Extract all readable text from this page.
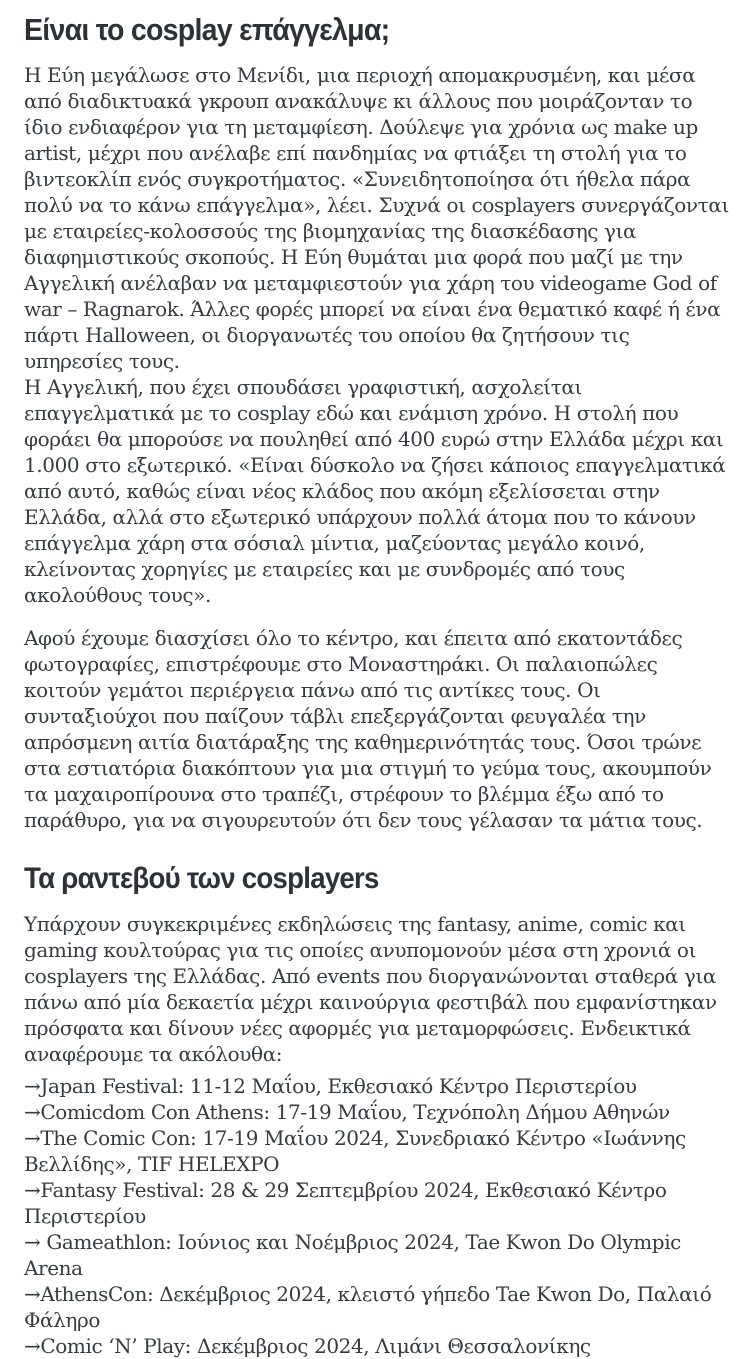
Είναι το cosplay επάγγελμα;

Η Εύη μεγάλωσε στο Μενίδι, μια περιοχή απομακρυσμένη, και μέσα από διαδικτυακά γκρουπ ανακάλυψε κι άλλους που μοιράζονταν το ίδιο ενδιαφέρον για τη μεταμφίεση. Δούλεψε για χρόνια ως make up artist, μέχρι που ανέλαβε επί πανδημίας να φτιάξει τη στολή για το βιντεοκλίπ ενός συγκροτήματος. «Συνειδητοποίησα ότι ήθελα πάρα πολύ να το κάνω επάγγελμα», λέει. Συχνά οι cosplayers συνεργάζονται με εταιρείες-κολοσσούς της βιομηχανίας της διασκέδασης για διαφημιστικούς σκοπούς. Η Εύη θυμάται μια φορά που μαζί με την Αγγελική ανέλαβαν να μεταμφιεστούν για χάρη του videogame God of war – Ragnarok. Άλλες φορές μπορεί να είναι ένα θεματικό καφέ ή ένα πάρτι Halloween, οι διοργανωτές του οποίου θα ζητήσουν τις υπηρεσίες τους.

Η Αγγελική, που έχει σπουδάσει γραφιστική, ασχολείται επαγγελματικά με το cosplay εδώ και ενάμιση χρόνο. Η στολή που φοράει θα μπορούσε να πουληθεί από 400 ευρώ στην Ελλάδα μέχρι και 1.000 στο εξωτερικό. «Είναι δύσκολο να ζήσει κάποιος επαγγελματικά από αυτό, καθώς είναι νέος κλάδος που ακόμη εξελίσσεται στην Ελλάδα, αλλά στο εξωτερικό υπάρχουν πολλά άτομα που το κάνουν επάγγελμα χάρη στα σόσιαλ μίντια, μαζεύοντας μεγάλο κοινό, κλείνοντας χορηγίες με εταιρείες και με συνδρομές από τους ακολούθους τους».

Αφού έχουμε διασχίσει όλο το κέντρο, και έπειτα από εκατοντάδες φωτογραφίες, επιστρέφουμε στο Μοναστηράκι. Οι παλαιοπώλες κοιτούν γεμάτοι περιέργεια πάνω από τις αντίκες τους. Οι συνταξιούχοι που παίζουν τάβλι επεξεργάζονται φευγαλέα την απρόσμενη αιτία διατάραξης της καθημερινότητάς τους. Όσοι τρώνε στα εστιατόρια διακόπτουν για μια στιγμή το γεύμα τους, ακουμπούν τα μαχαιροπίρουνα στο τραπέζι, στρέφουν το βλέμμα έξω από το παράθυρο, για να σιγουρευτούν ότι δεν τους γέλασαν τα μάτια τους.

Τα ραντεβού των cosplayers

Υπάρχουν συγκεκριμένες εκδηλώσεις της fantasy, anime, comic και gaming κουλτούρας για τις οποίες ανυπομονούν μέσα στη χρονιά οι cosplayers της Ελλάδας. Από events που διοργανώνονται σταθερά για πάνω από μία δεκαετία μέχρι καινούργια φεστιβάλ που εμφανίστηκαν πρόσφατα και δίνουν νέες αφορμές για μεταμορφώσεις. Ενδεικτικά αναφέρουμε τα ακόλουθα:

→Japan Festival: 11-12 Μαΐου, Εκθεσιακό Κέντρο Περιστερίου
→Comicdom Con Athens: 17-19 Μαΐου, Τεχνόπολη Δήμου Αθηνών
→The Comic Con: 17-19 Μαΐου 2024, Συνεδριακό Κέντρο «Ιωάννης Βελλίδης», TIF HELEXPO
→Fantasy Festival: 28 & 29 Σεπτεμβρίου 2024, Εκθεσιακό Κέντρο Περιστερίου
→ Gameathlon: Ιούνιος και Νοέμβριος 2024, Tae Kwon Do Olympic Arena
→AthensCon: Δεκέμβριος 2024, κλειστό γήπεδο Tae Kwon Do, Παλαιό Φάληρο
→Comic ‘N’ Play: Δεκέμβριος 2024, Λιμάνι Θεσσαλονίκης
